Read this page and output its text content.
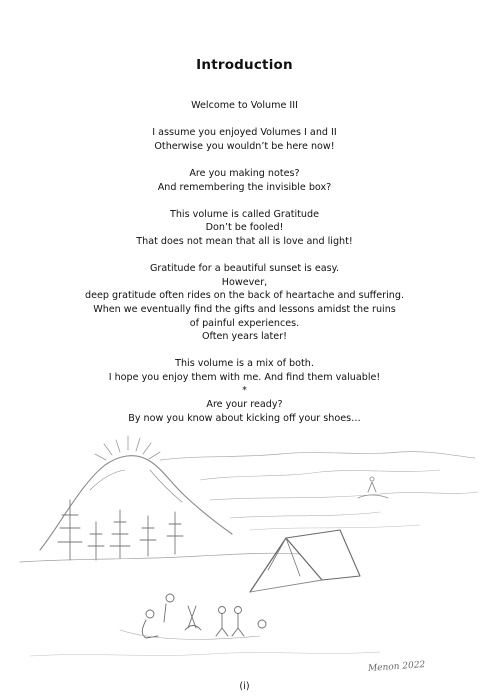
Introduction
Welcome to Volume III
I assume you enjoyed Volumes I and II
Otherwise you wouldn’t be here now!
Are you making notes?
And remembering the invisible box?
This volume is called Gratitude
Don’t be fooled!
That does not mean that all is love and light!
Gratitude for a beautiful sunset is easy.
However,
deep gratitude often rides on the back of heartache and suffering.
When we eventually find the gifts and lessons amidst the ruins
of painful experiences.
Often years later!
This volume is a mix of both.
I hope you enjoy them with me. And find them valuable!
*
Are your ready?
By now you know about kicking off your shoes…
Menon 2022
(i)
